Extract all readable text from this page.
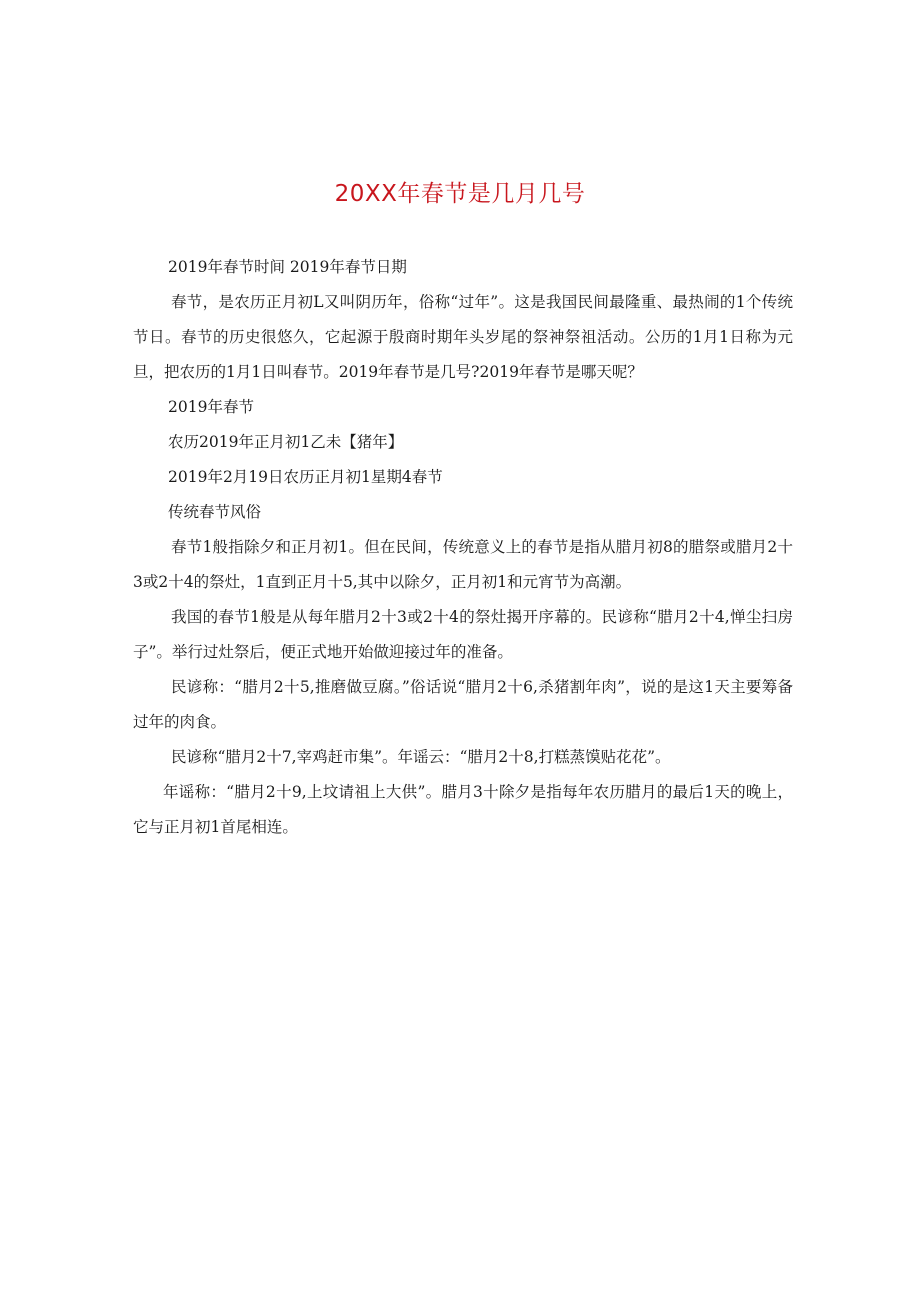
20XX年春节是几月几号

2019年春节时间 2019年春节日期

春节，是农历正月初L又叫阴历年，俗称“过年”。这是我国民间最隆重、最热闹的1个传统节日。春节的历史很悠久，它起源于殷商时期年头岁尾的祭神祭祖活动。公历的1月1日称为元旦，把农历的1月1日叫春节。2019年春节是几号?2019年春节是哪天呢？

2019年春节

农历2019年正月初1乙未【猪年】

2019年2月19日农历正月初1星期4春节

传统春节风俗

春节1般指除夕和正月初1。但在民间，传统意义上的春节是指从腊月初8的腊祭或腊月2十3或2十4的祭灶，1直到正月十5,其中以除夕，正月初1和元宵节为高潮。

我国的春节1般是从每年腊月2十3或2十4的祭灶揭开序幕的。民谚称“腊月2十4,惮尘扫房子”。举行过灶祭后，便正式地开始做迎接过年的准备。

民谚称：“腊月2十5,推磨做豆腐。”俗话说“腊月2十6,杀猪割年肉”，说的是这1天主要筹备过年的肉食。

民谚称“腊月2十7,宰鸡赶市集”。年谣云：“腊月2十8,打糕蒸馍贴花花”。

年谣称：“腊月2十9,上坟请祖上大供”。腊月3十除夕是指每年农历腊月的最后1天的晚上，它与正月初1首尾相连。
